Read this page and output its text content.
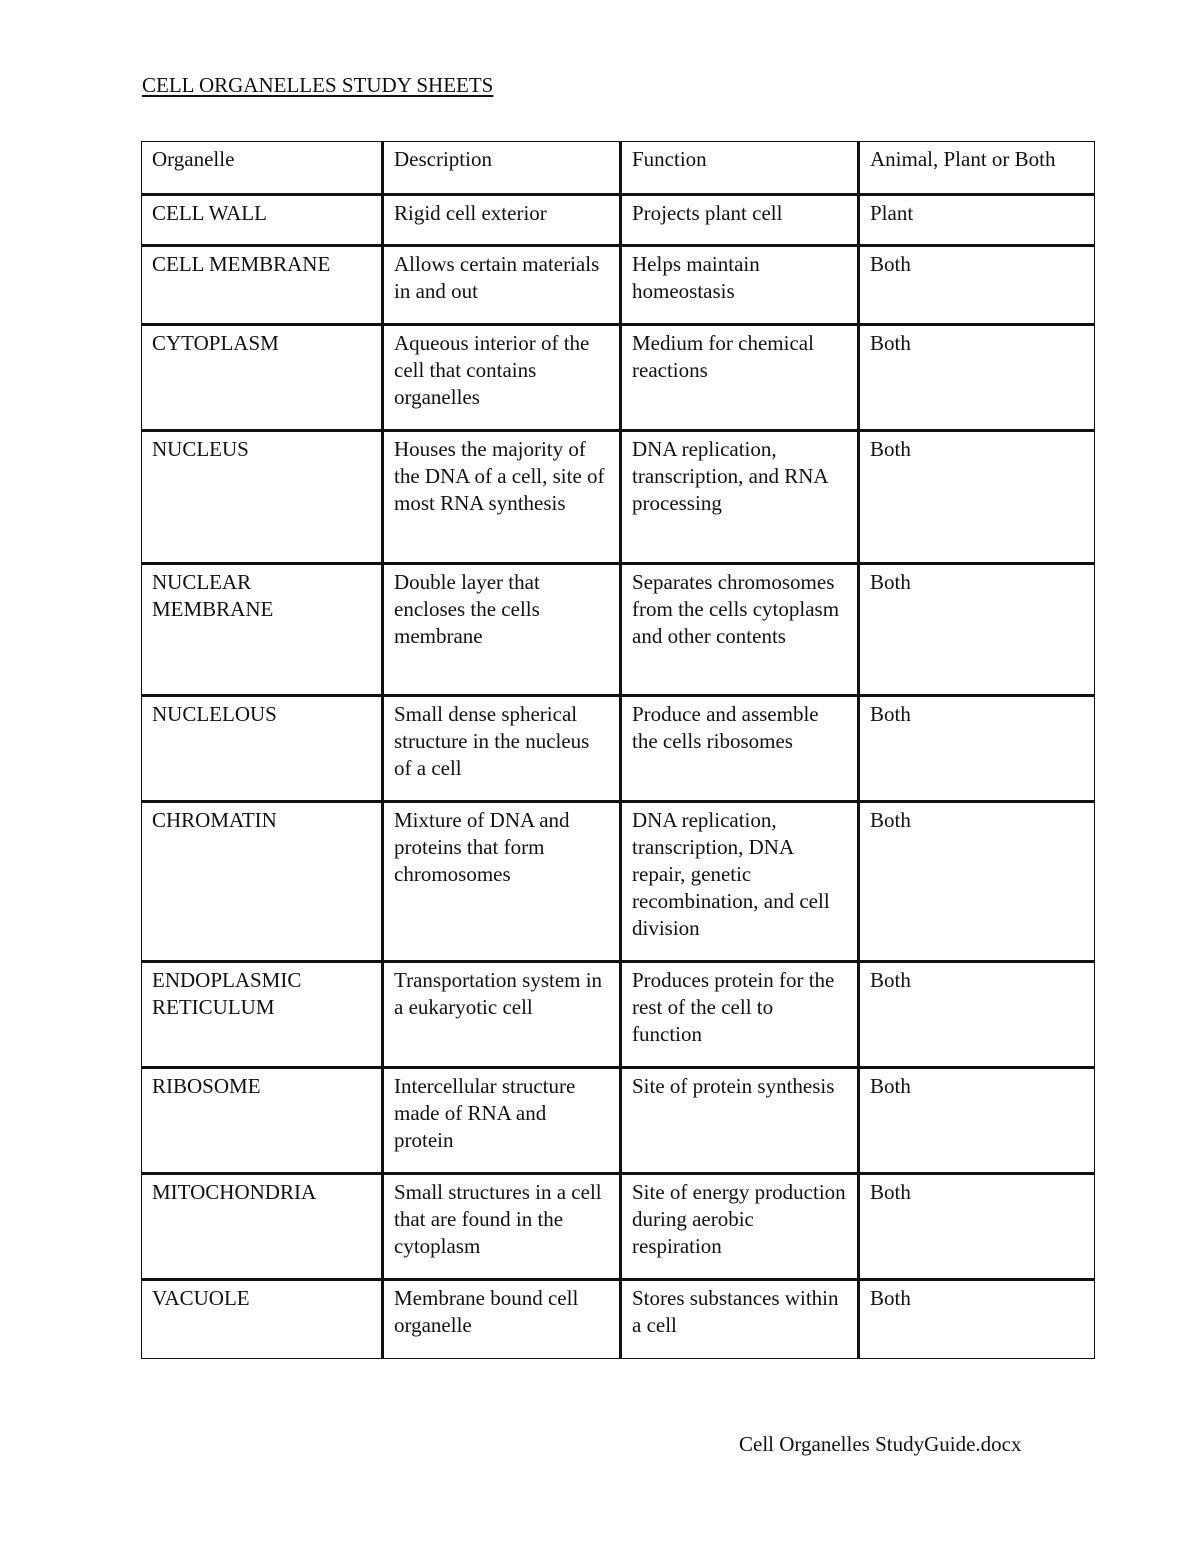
CELL ORGANELLES STUDY SHEETS
Organelle	Description	Function	Animal, Plant or Both
CELL WALL	Rigid cell exterior	Projects plant cell	Plant
CELL MEMBRANE	Allows certain materials in and out	Helps maintain homeostasis	Both
CYTOPLASM	Aqueous interior of the cell that contains organelles	Medium for chemical reactions	Both
NUCLEUS	Houses the majority of the DNA of a cell, site of most RNA synthesis	DNA replication, transcription, and RNA processing	Both
NUCLEAR MEMBRANE	Double layer that encloses the cells membrane	Separates chromosomes from the cells cytoplasm and other contents	Both
NUCLELOUS	Small dense spherical structure in the nucleus of a cell	Produce and assemble the cells ribosomes	Both
CHROMATIN	Mixture of DNA and proteins that form chromosomes	DNA replication, transcription, DNA repair, genetic recombination, and cell division	Both
ENDOPLASMIC RETICULUM	Transportation system in a eukaryotic cell	Produces protein for the rest of the cell to function	Both
RIBOSOME	Intercellular structure made of RNA and protein	Site of protein synthesis	Both
MITOCHONDRIA	Small structures in a cell that are found in the cytoplasm	Site of energy production during aerobic respiration	Both
VACUOLE	Membrane bound cell organelle	Stores substances within a cell	Both
Cell Organelles StudyGuide.docx
